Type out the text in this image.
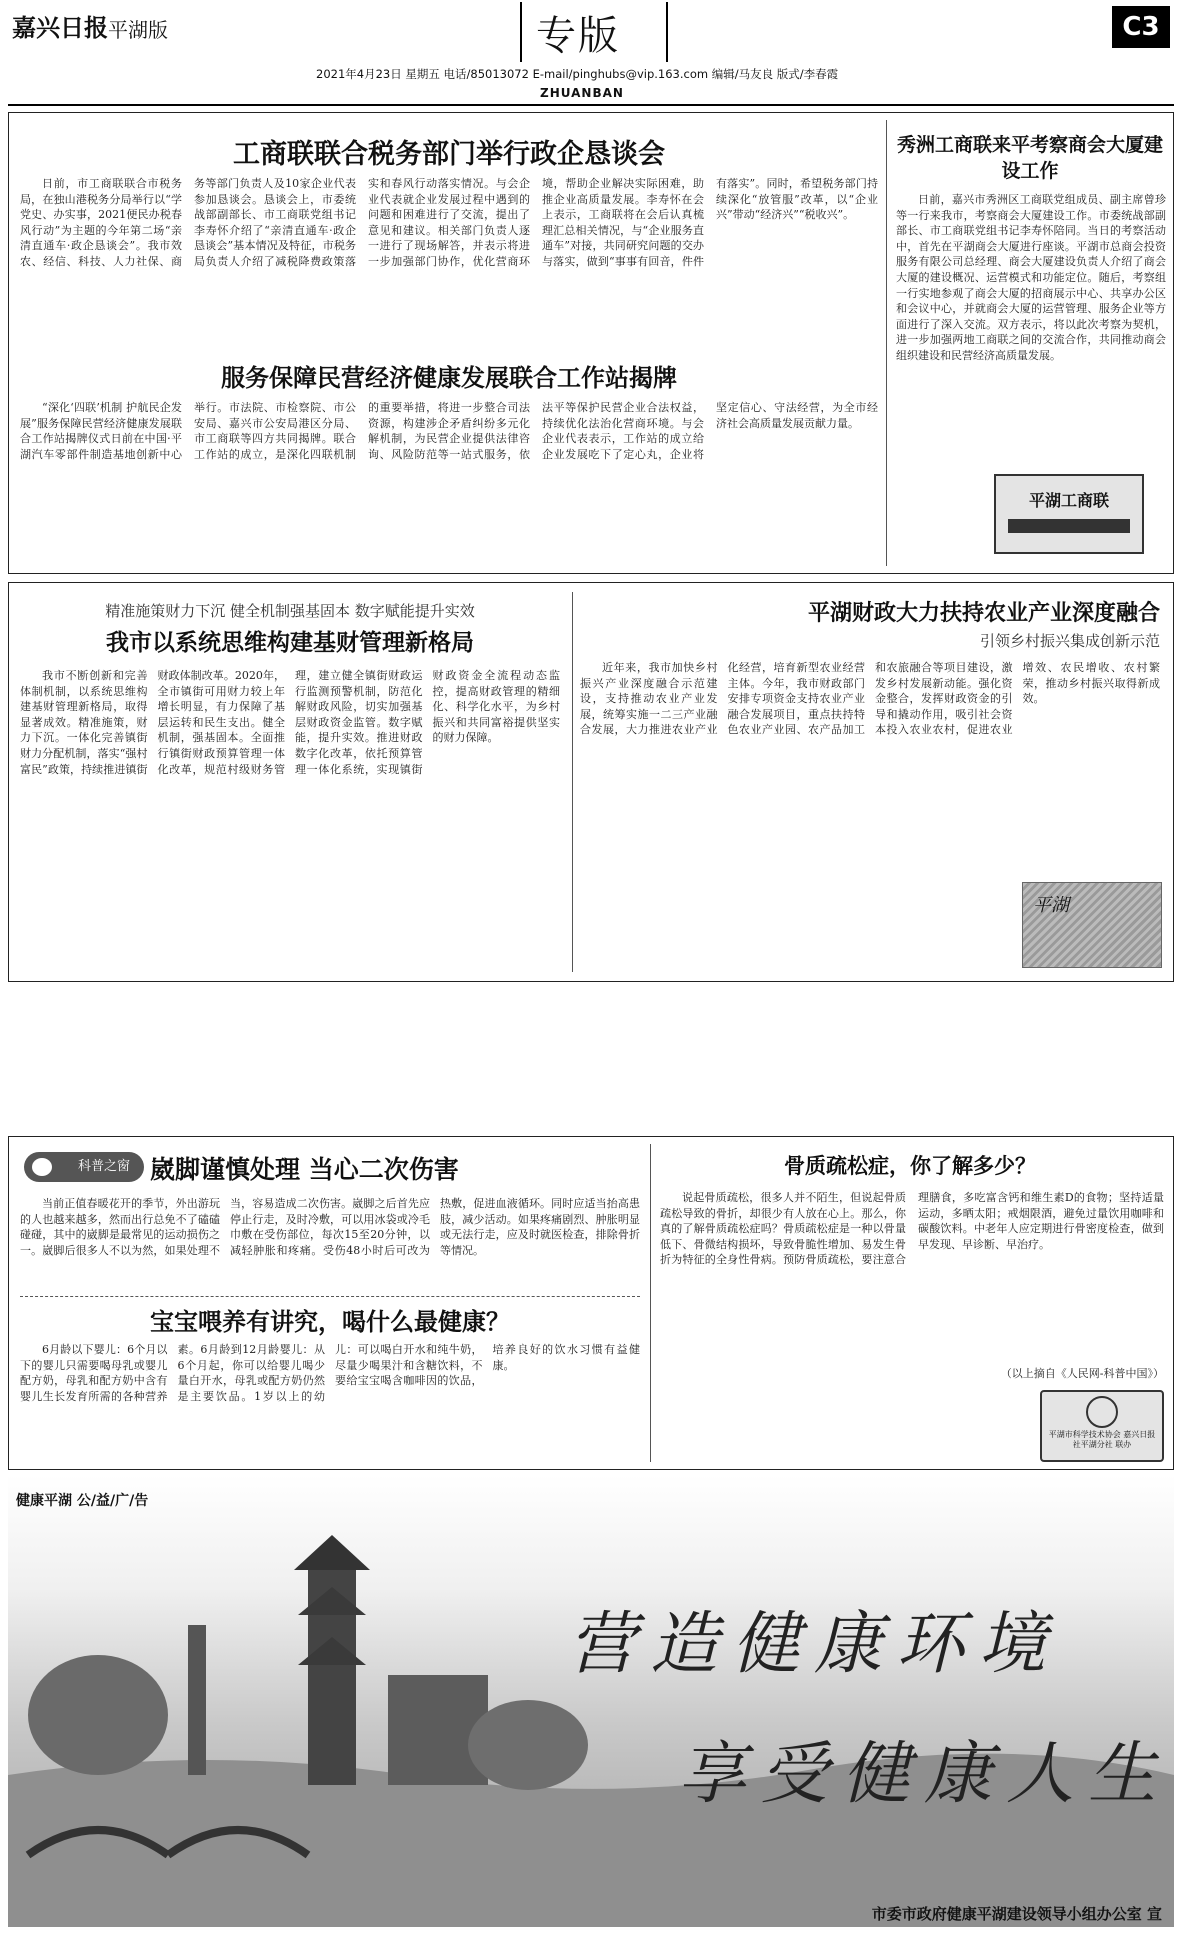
嘉兴日报 平湖版	专版	C3
2021年4月23日 星期五 电话/85013072 E-mail/pinghubs@vip.163.com 编辑/马友良 版式/李春霞
ZHUANBAN
工商联联合税务部门举行政企恳谈会

日前，市工商联联合市税务局，在独山港税务分局举行以“学党史、办实事，2021便民办税春风行动”为主题的今年第二场“亲清直通车·政企恳谈会”。我市效农、经信、科技、人力社保、商务等部门负责人及10家企业代表参加恳谈会。恳谈会上，市委统战部副部长、市工商联党组书记李寿怀介绍了“亲清直通车·政企恳谈会”基本情况及特征，市税务局负责人介绍了减税降费政策落实和春风行动落实情况。与会企业代表就企业发展过程中遇到的问题和困难进行了交流，提出了意见和建议。相关部门负责人逐一进行了现场解答，并表示将进一步加强部门协作，优化营商环境，帮助企业解决实际困难，助推企业高质量发展。李寿怀在会上表示，工商联将在会后认真梳理汇总相关情况，与“企业服务直通车”对接，共同研究问题的交办与落实，做到“事事有回音，件件有落实”。同时，希望税务部门持续深化“放管服”改革，以“企业兴”带动“经济兴”“税收兴”。

秀洲工商联来平考察商会大厦建设工作

日前，嘉兴市秀洲区工商联党组成员、副主席曾珍等一行来我市，考察商会大厦建设工作。市委统战部副部长、市工商联党组书记李寿怀陪同。当日的考察活动中，首先在平湖商会大厦进行座谈。平湖市总商会投资服务有限公司总经理、商会大厦建设负责人介绍了商会大厦的建设概况、运营模式和功能定位。随后，考察组一行实地参观了商会大厦的招商展示中心、共享办公区和会议中心，并就商会大厦的运营管理、服务企业等方面进行了深入交流。双方表示，将以此次考察为契机，进一步加强两地工商联之间的交流合作，共同推动商会组织建设和民营经济高质量发展。

平湖工商联
服务保障民营经济健康发展联合工作站揭牌

“深化‘四联’机制 护航民企发展”服务保障民营经济健康发展联合工作站揭牌仪式日前在中国·平湖汽车零部件制造基地创新中心举行。市法院、市检察院、市公安局、嘉兴市公安局港区分局、市工商联等四方共同揭牌。联合工作站的成立，是深化四联机制的重要举措，将进一步整合司法资源，构建涉企矛盾纠纷多元化解机制，为民营企业提供法律咨询、风险防范等一站式服务，依法平等保护民营企业合法权益，持续优化法治化营商环境。与会企业代表表示，工作站的成立给企业发展吃下了定心丸，企业将坚定信心、守法经营，为全市经济社会高质量发展贡献力量。

精准施策财力下沉 健全机制强基固本 数字赋能提升实效
我市以系统思维构建基财管理新格局

我市不断创新和完善体制机制，以系统思维构建基财管理新格局，取得显著成效。精准施策，财力下沉。一体化完善镇街财力分配机制，落实“强村富民”政策，持续推进镇街财政体制改革。2020年，全市镇街可用财力较上年增长明显，有力保障了基层运转和民生支出。健全机制，强基固本。全面推行镇街财政预算管理一体化改革，规范村级财务管理，建立健全镇街财政运行监测预警机制，防范化解财政风险，切实加强基层财政资金监管。数字赋能，提升实效。推进财政数字化改革，依托预算管理一体化系统，实现镇街财政资金全流程动态监控，提高财政管理的精细化、科学化水平，为乡村振兴和共同富裕提供坚实的财力保障。

平湖财政大力扶持农业产业深度融合
引领乡村振兴集成创新示范

近年来，我市加快乡村振兴产业深度融合示范建设，支持推动农业产业发展，统筹实施一二三产业融合发展，大力推进农业产业化经营，培育新型农业经营主体。今年，我市财政部门安排专项资金支持农业产业融合发展项目，重点扶持特色农业产业园、农产品加工和农旅融合等项目建设，激发乡村发展新动能。强化资金整合，发挥财政资金的引导和撬动作用，吸引社会资本投入农业农村，促进农业增效、农民增收、农村繁荣，推动乡村振兴取得新成效。

平湖
科普之窗 崴脚谨慎处理 当心二次伤害

当前正值春暖花开的季节，外出游玩的人也越来越多，然而出行总免不了磕磕碰碰，其中的崴脚是最常见的运动损伤之一。崴脚后很多人不以为然，如果处理不当，容易造成二次伤害。崴脚之后首先应停止行走，及时冷敷，可以用冰袋或冷毛巾敷在受伤部位，每次15至20分钟，以减轻肿胀和疼痛。受伤48小时后可改为热敷，促进血液循环。同时应适当抬高患肢，减少活动。如果疼痛剧烈、肿胀明显或无法行走，应及时就医检查，排除骨折等情况。

宝宝喂养有讲究，喝什么最健康？

6月龄以下婴儿：6个月以下的婴儿只需要喝母乳或婴儿配方奶，母乳和配方奶中含有婴儿生长发育所需的各种营养素。6月龄到12月龄婴儿：从6个月起，你可以给婴儿喝少量白开水，母乳或配方奶仍然是主要饮品。1岁以上的幼儿：可以喝白开水和纯牛奶，尽量少喝果汁和含糖饮料，不要给宝宝喝含咖啡因的饮品，培养良好的饮水习惯有益健康。

骨质疏松症，你了解多少？

说起骨质疏松，很多人并不陌生，但说起骨质疏松导致的骨折，却很少有人放在心上。那么，你真的了解骨质疏松症吗？骨质疏松症是一种以骨量低下、骨微结构损坏，导致骨脆性增加、易发生骨折为特征的全身性骨病。预防骨质疏松，要注意合理膳食，多吃富含钙和维生素D的食物；坚持适量运动，多晒太阳；戒烟限酒，避免过量饮用咖啡和碳酸饮料。中老年人应定期进行骨密度检查，做到早发现、早诊断、早治疗。

（以上摘自《人民网-科普中国》）
平湖市科学技术协会 嘉兴日报社平湖分社 联办
营造健康环境
享受健康人生
健康平湖 公/益/广/告
市委市政府健康平湖建设领导小组办公室 宣
